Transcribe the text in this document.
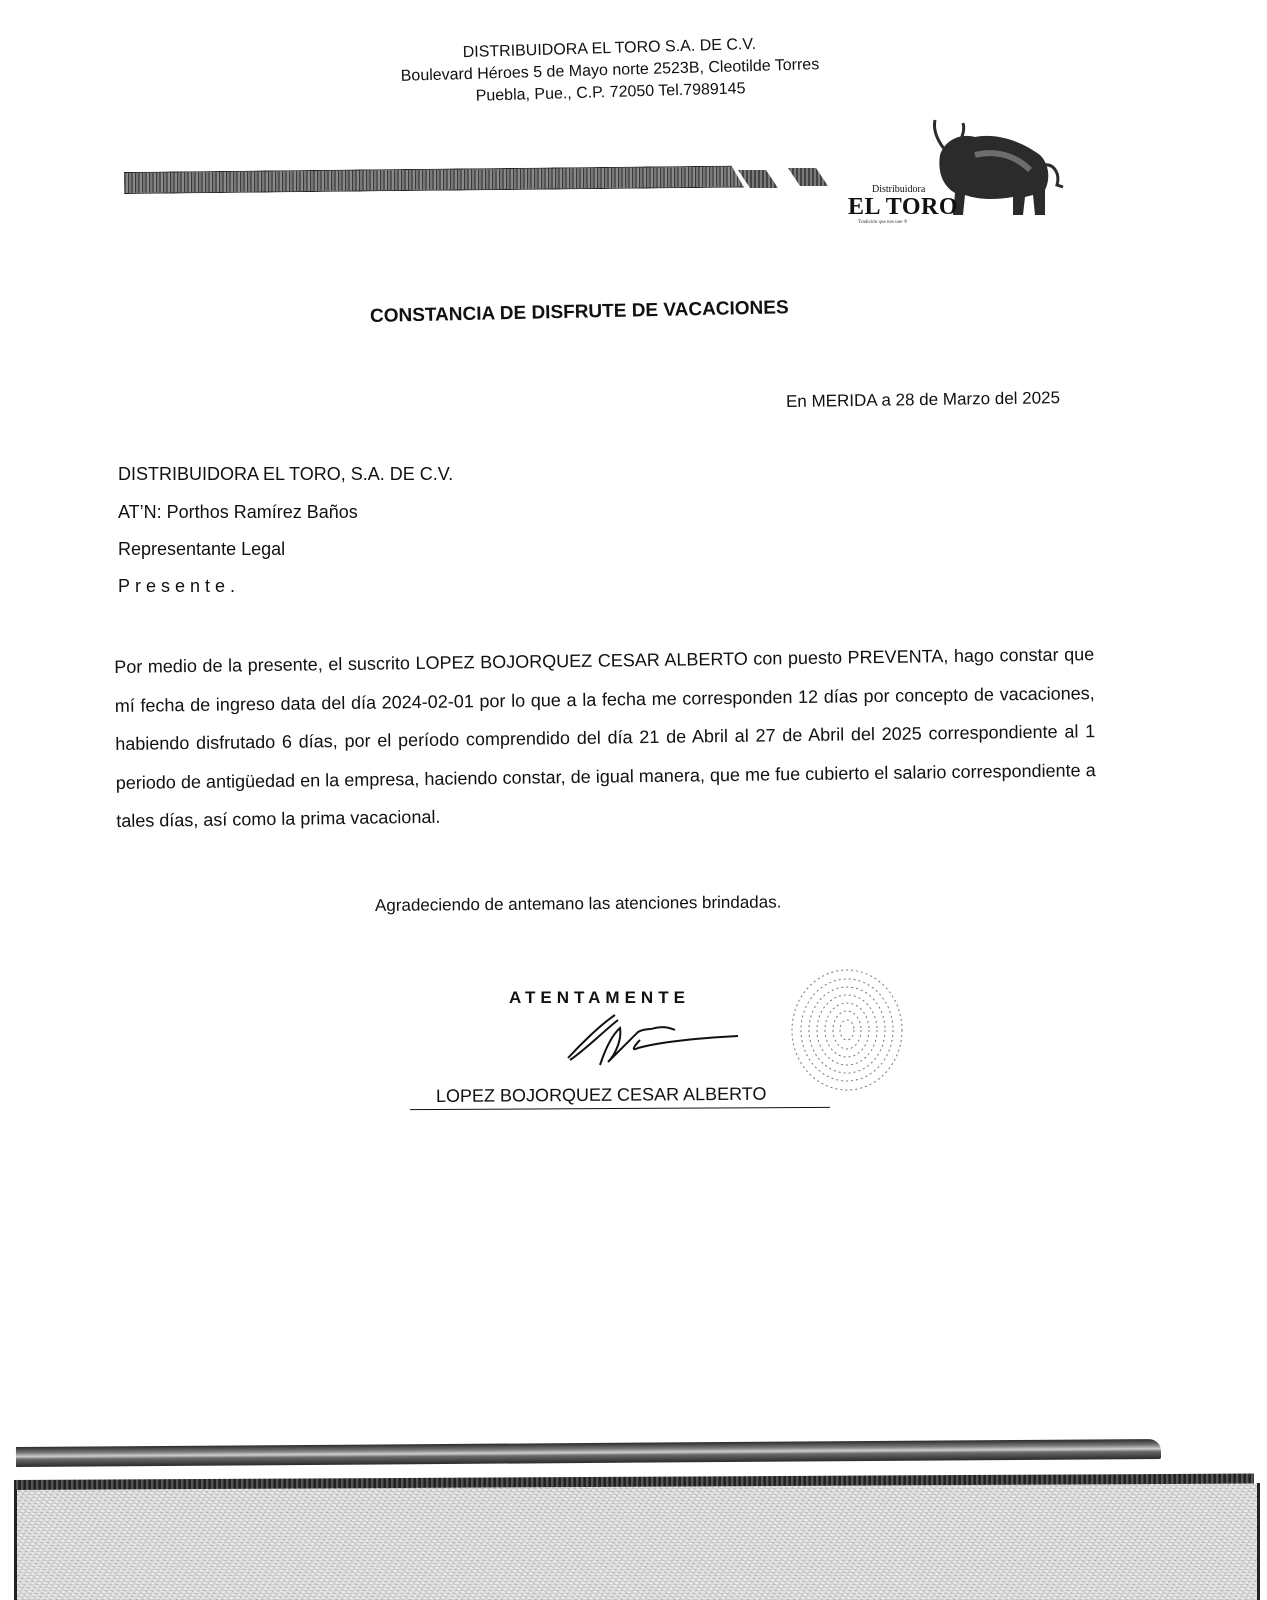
DISTRIBUIDORA EL TORO S.A. DE C.V.
Boulevard Héroes 5 de Mayo norte 2523B, Cleotilde Torres
Puebla, Pue., C.P. 72050 Tel.7989145
Distribuidora
EL TORO
Tradición que nos une ®
CONSTANCIA DE DISFRUTE DE VACACIONES
En MERIDA a 28 de Marzo del 2025
DISTRIBUIDORA EL TORO, S.A. DE C.V.
AT’N: Porthos Ramírez Baños
Representante Legal
Presente.
Por medio de la presente, el suscrito LOPEZ BOJORQUEZ CESAR ALBERTO con puesto PREVENTA, hago constar que mí fecha de ingreso data del día 2024-02-01 por lo que a la fecha me corresponden 12 días por concepto de vacaciones, habiendo disfrutado 6 días, por el período comprendido del día 21 de Abril al 27 de Abril del 2025 correspondiente al 1 periodo de antigüedad en la empresa, haciendo constar, de igual manera, que me fue cubierto el salario correspondiente a tales días, así como la prima vacacional.
Agradeciendo de antemano las atenciones brindadas.
ATENTAMENTE
LOPEZ BOJORQUEZ CESAR ALBERTO
